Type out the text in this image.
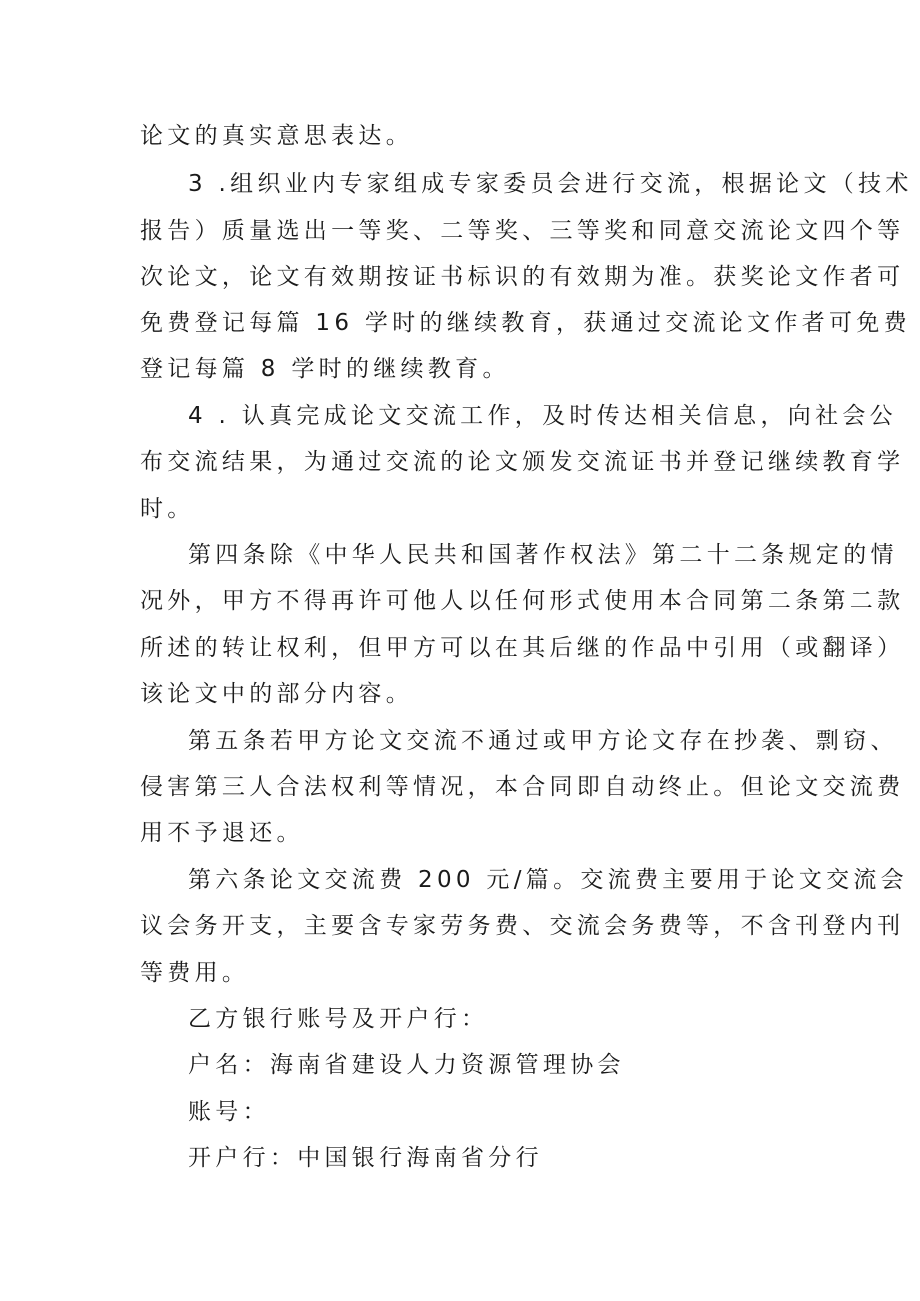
论文的真实意思表达。
3 .组织业内专家组成专家委员会进行交流，根据论文（技术
报告）质量选出一等奖、二等奖、三等奖和同意交流论文四个等
次论文，论文有效期按证书标识的有效期为准。获奖论文作者可
免费登记每篇 16 学时的继续教育，获通过交流论文作者可免费
登记每篇 8 学时的继续教育。
4 . 认真完成论文交流工作，及时传达相关信息，向社会公
布交流结果，为通过交流的论文颁发交流证书并登记继续教育学
时。
第四条除《中华人民共和国著作权法》第二十二条规定的情
况外，甲方不得再许可他人以任何形式使用本合同第二条第二款
所述的转让权利，但甲方可以在其后继的作品中引用（或翻译）
该论文中的部分内容。
第五条若甲方论文交流不通过或甲方论文存在抄袭、剽窃、
侵害第三人合法权利等情况，本合同即自动终止。但论文交流费
用不予退还。
第六条论文交流费 200 元/篇。交流费主要用于论文交流会
议会务开支，主要含专家劳务费、交流会务费等，不含刊登内刊
等费用。
乙方银行账号及开户行：
户名：海南省建设人力资源管理协会
账号：
开户行：中国银行海南省分行
